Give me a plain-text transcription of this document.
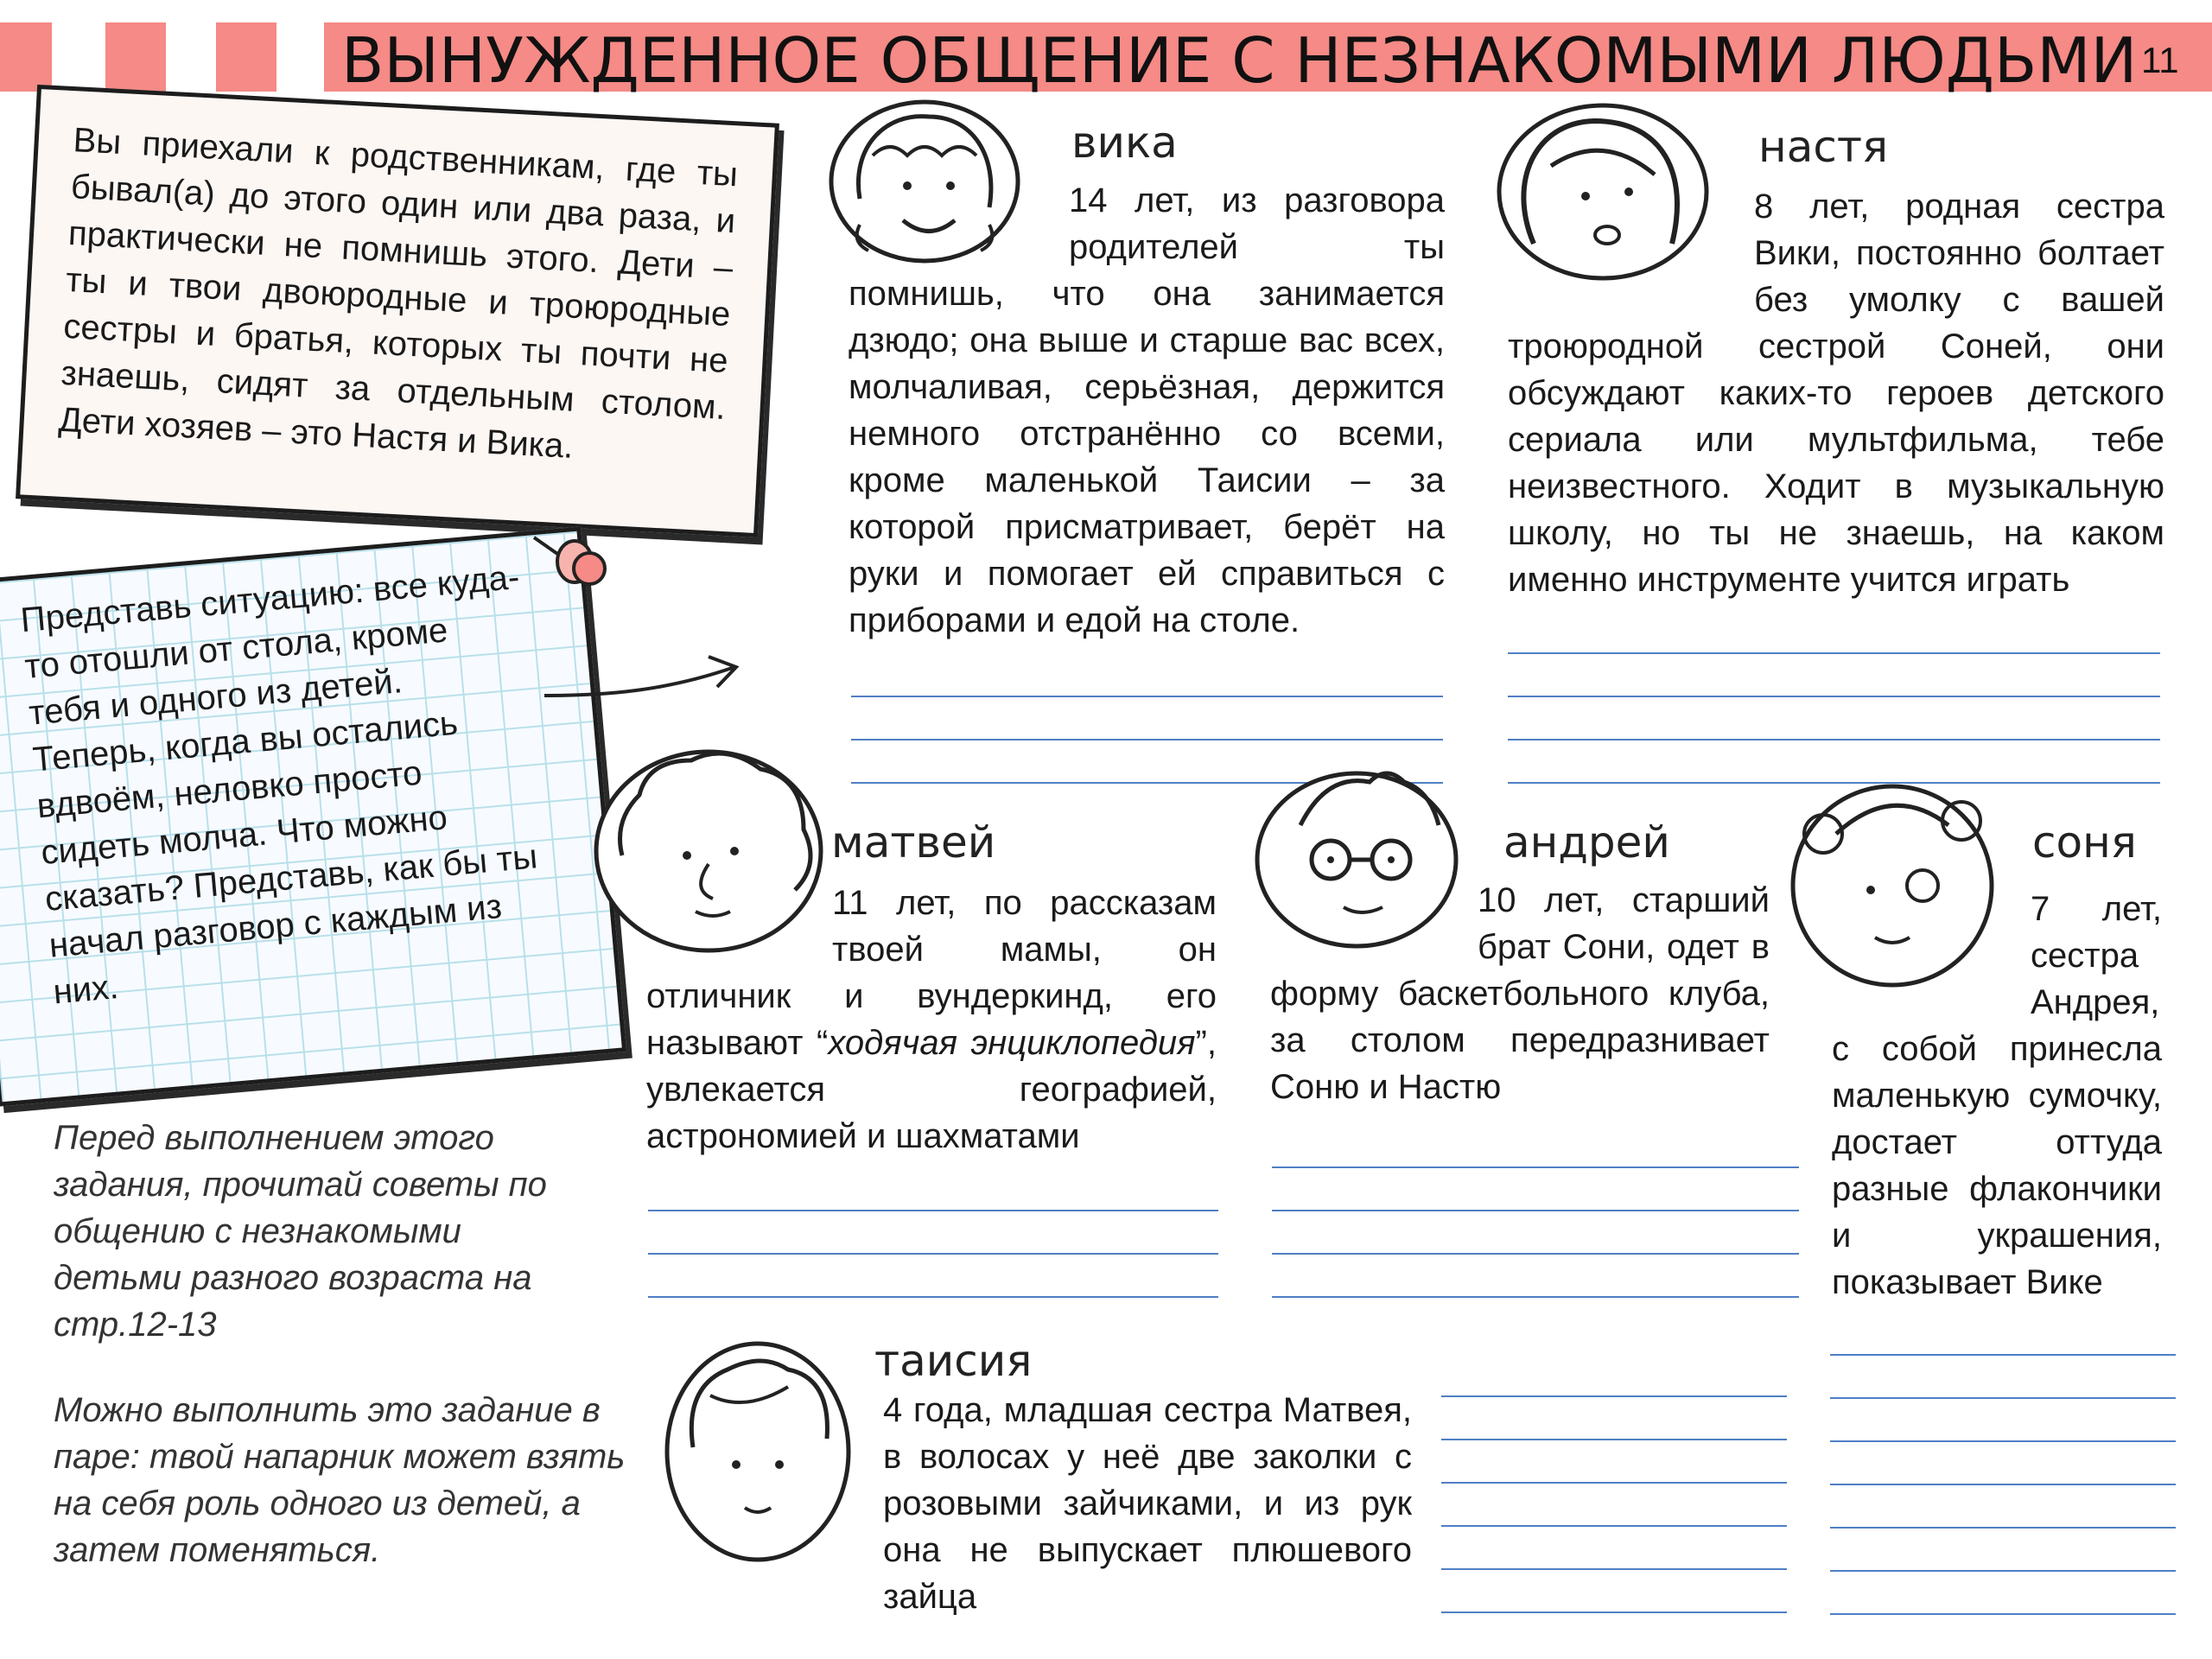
ВЫНУЖДЕННОЕ ОБЩЕНИЕ С НЕЗНАКОМЫМИ ЛЮДЬМИ 11
Вы приехали к родственникам, где ты бывал(а) до этого один или два раза, и практически не помнишь этого. Дети – ты и твои двоюродные и троюродные сестры и братья, которых ты почти не знаешь, сидят за отдельным столом. Дети хозяев – это Настя и Вика.
Представь ситуацию: все куда-то отошли от стола, кроме тебя и одного из детей. Теперь, когда вы остались вдвоём, неловко просто сидеть молча. Что можно сказать? Представь, как бы ты начал разговор с каждым из них.
Перед выполнением этого задания, прочитай советы по общению с незнакомыми детьми разного возраста на стр.12-13
Можно выполнить это задание в паре: твой напарник может взять на себя роль одного из детей, а затем поменяться.
вика
14 лет, из разговора родителей ты помнишь, что она занимается дзюдо; она выше и старше вас всех, молчаливая, серьёзная, держится немного отстранённо со всеми, кроме маленькой Таисии – за которой присматривает, берёт на руки и помогает ей справиться с приборами и едой на столе.
настя
8 лет, родная сестра Вики, постоянно болтает без умолку с вашей троюродной сестрой Соней, они обсуждают каких-то героев детского сериала или мультфильма, тебе неизвестного. Ходит в музыкальную школу, но ты не знаешь, на каком именно инструменте учится играть
матвей
11 лет, по рассказам твоей мамы, он отличник и вундеркинд, его называют “ходячая энциклопедия”, увлекается географией, астрономией и шахматами
андрей
10 лет, старший брат Сони, одет в форму баскетбольного клуба, за столом передразнивает Соню и Настю
соня
7 лет, сестра Андрея, с собой принесла маленькую сумочку, достает оттуда разные флакончики и украшения, показывает Вике
таисия
4 года, младшая сестра Матвея, в волосах у неё две заколки с розовыми зайчиками, и из рук она не выпускает плюшевого зайца
